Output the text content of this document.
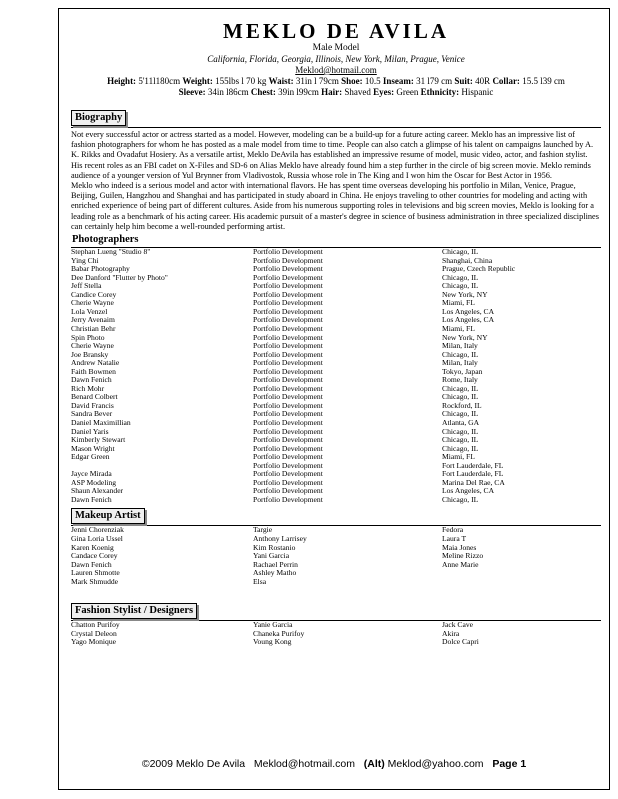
MEKLO DE AVILA
Male Model
California, Florida, Georgia, Illinois, New York, Milan, Prague, Venice
Meklod@hotmail.com
Height: 5'11l180cm Weight: 155lbs l 70 kg Waist: 31in l 79cm Shoe: 10.5 Inseam: 31 l79 cm Suit: 40R Collar: 15.5 l39 cm
Sleeve: 34in l86cm Chest: 39in l99cm Hair: Shaved Eyes: Green Ethnicity: Hispanic
Biography

Not every successful actor or actress started as a model. However, modeling can be a build-up for a future acting career. Meklo has an impressive list of fashion photographers for whom he has posted as a male model from time to time. People can also catch a glimpse of his talent on campaigns launched by A. K. Rikks and Ovadafut Hosiery. As a versatile artist, Meklo DeAvila has established an impressive resume of model, music video, actor, and fashion stylist. His recent roles as an FBI cadet on X-Files and SD-6 on Alias Meklo have already found him a step further in the circle of big screen movie. Meklo reminds audience of a younger version of Yul Brynner from Vladivostok, Russia whose role in The King and I won him the Oscar for Best Actor in 1956.

Meklo who indeed is a serious model and actor with international flavors. He has spent time overseas developing his portfolio in Milan, Venice, Prague, Beijing, Guilen, Hangzhou and Shanghai and has participated in study aboard in China. He enjoys traveling to other countries for modeling and acting with enriched experience of being part of different cultures. Aside from his numerous supporting roles in televisions and big screen movies, Meklo is looking for a leading role as a benchmark of his acting career. His academic pursuit of a master's degree in science of business administration in three specialized disciplines can certainly help him become a well-rounded performing artist.

Photographers
Stephan Lueng "Studio 8"	Portfolio Development	Chicago, IL
Ying Chi	Portfolio Development	Shanghai, China
Babar Photography	Portfolio Development	Prague, Czech Republic
Dee Danford "Flutter by Photo"	Portfolio Development	Chicago, IL
Jeff Stella	Portfolio Development	Chicago, IL
Candice Corey	Portfolio Development	New York, NY
Cherie Wayne	Portfolio Development	Miami, FL
Lola Venzel	Portfolio Development	Los Angeles, CA
Jerry Avenaim	Portfolio Development	Los Angeles, CA
Christian Behr	Portfolio Development	Miami, FL
Spin Photo	Portfolio Development	New York, NY
Cherie Wayne	Portfolio Development	Milan, Italy
Joe Bransky	Portfolio Development	Chicago, IL
Andrew Natalie	Portfolio Development	Milan, Italy
Faith Bowmen	Portfolio Development	Tokyo, Japan
Dawn Fenich	Portfolio Development	Rome, Italy
Rich Mohr	Portfolio Development	Chicago, IL
Benard Colbert	Portfolio Development	Chicago, IL
David Francis	Portfolio Development	Rockford, IL
Sandra Bever	Portfolio Development	Chicago, IL
Daniel Maximillian	Portfolio Development	Atlanta, GA
Daniel Yaris	Portfolio Development	Chicago, IL
Kimberly Stewart	Portfolio Development	Chicago, IL
Mason Wright	Portfolio Development	Chicago, IL
Edgar Green	Portfolio Development	Miami, FL
	Portfolio Development	Fort Lauderdale, FL
Jayce Mirada	Portfolio Development	Fort Lauderdale, FL
ASP Modeling	Portfolio Development	Marina Del Rae, CA
Shaun Alexander	Portfolio Development	Los Angeles, CA
Dawn Fenich	Portfolio Development	Chicago, IL
Makeup Artist
Jenni Chorenziak	Targie	Fedora
Gina Loria Ussel	Anthony Larrisey	Laura T
Karen Koenig	Kim Rostanio	Maia Jones
Candace Corey	Yani Garcia	Meline Rizzo
Dawn Fenich	Rachael Perrin	Anne Marie
Lauren Shmotte	Ashley Matho	
Mark Shmudde	Elsa	
Fashion Stylist / Designers
Chatton Purifoy	Yanie Garcia	Jack Cave
Crystal Deleon	Chaneka Purifoy	Akira
Yago Monique	Voung Kong	Dolce Capri
©2009 Meklo De Avila Meklod@hotmail.com (Alt) Meklod@yahoo.com Page 1
